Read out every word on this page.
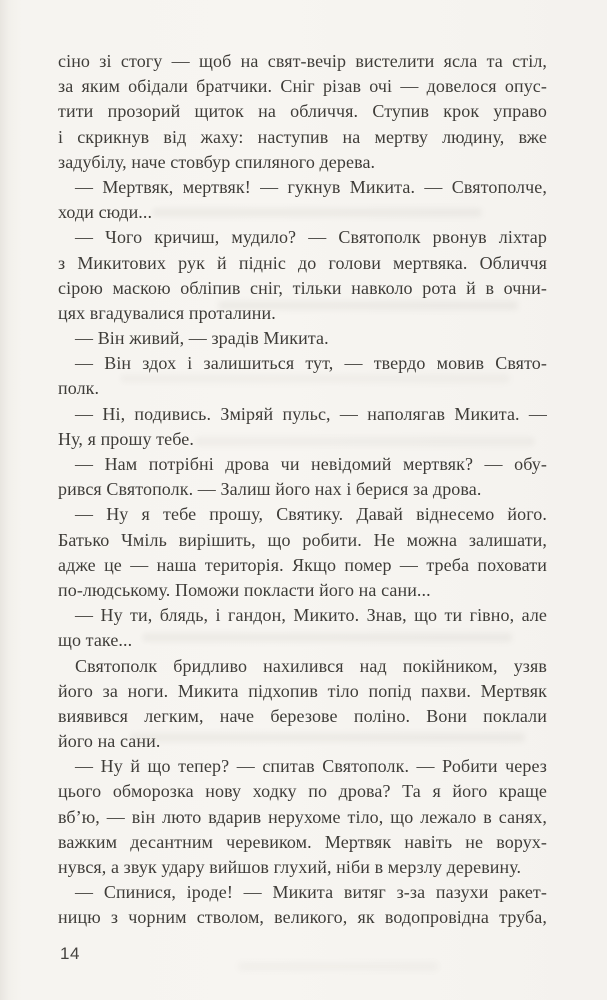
сіно зі стогу — щоб на свят-вечір вистелити ясла та стіл,
за яким обідали братчики. Сніг різав очі — довелося опус-
тити прозорий щиток на обличчя. Ступив крок управо
і скрикнув від жаху: наступив на мертву людину, вже
задубілу, наче стовбур спиляного дерева.

— Мертвяк, мертвяк! — гукнув Микита. — Святополче,
ходи сюди...

— Чого кричиш, мудило? — Святополк рвонув ліхтар
з Микитових рук й підніс до голови мертвяка. Обличчя
сірою маскою обліпив сніг, тільки навколо рота й в очни-
цях вгадувалися проталини.

— Він живий, — зрадів Микита.

— Він здох і залишиться тут, — твердо мовив Свято-
полк.

— Ні, подивись. Зміряй пульс, — наполягав Микита. —
Ну, я прошу тебе.

— Нам потрібні дрова чи невідомий мертвяк? — обу-
рився Святополк. — Залиш його нах і берися за дрова.

— Ну я тебе прошу, Святику. Давай віднесемо його.
Батько Чміль вирішить, що робити. Не можна залишати,
адже це — наша територія. Якщо помер — треба поховати
по-людському. Поможи покласти його на сани...

— Ну ти, блядь, і гандон, Микито. Знав, що ти гівно, але
що таке...

Святополк бридливо нахилився над покійником, узяв
його за ноги. Микита підхопив тіло попід пахви. Мертвяк
виявився легким, наче березове поліно. Вони поклали
його на сани.

— Ну й що тепер? — спитав Святополк. — Робити через
цього обморозка нову ходку по дрова? Та я його краще
вб’ю, — він люто вдарив нерухоме тіло, що лежало в санях,
важким десантним черевиком. Мертвяк навіть не ворух-
нувся, а звук удару вийшов глухий, ніби в мерзлу деревину.

— Спинися, іроде! — Микита витяг з-за пазухи ракет-
ницю з чорним стволом, великого, як водопровідна труба,

14
